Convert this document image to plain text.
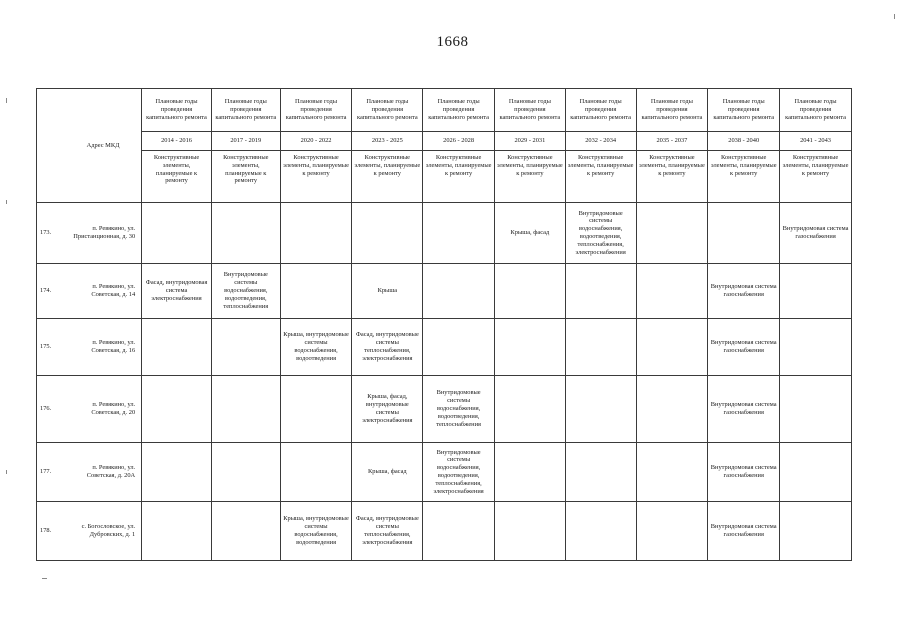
1668
Адрес МКД		Плановые годы проведения капитального ремонта	Плановые годы проведения капитального ремонта	Плановые годы проведения капитального ремонта	Плановые годы проведения капитального ремонта	Плановые годы проведения капитального ремонта	Плановые годы проведения капитального ремонта	Плановые годы проведения капитального ремонта	Плановые годы проведения капитального ремонта	Плановые годы проведения капитального ремонта	Плановые годы проведения капитального ремонта
		2014 - 2016	2017 - 2019	2020 - 2022	2023 - 2025	2026 - 2028	2029 - 2031	2032 - 2034	2035 - 2037	2038 - 2040	2041 - 2043
		Конструктивные элементы, планируемые к ремонту	Конструктивные элементы, планируемые к ремонту	Конструктивные элементы, планируемые к ремонту	Конструктивные элементы, планируемые к ремонту	Конструктивные элементы, планируемые к ремонту	Конструктивные элементы, планируемые к ремонту	Конструктивные элементы, планируемые к ремонту	Конструктивные элементы, планируемые к ремонту	Конструктивные элементы, планируемые к ремонту	Конструктивные элементы, планируемые к ремонту
173.	п. Ревякино, ул. Пристанционная, д. 30						Крыша, фасад	Внутридомовые системы водоснабжения, водоотведения, теплоснабжения, электроснабжения			Внутридомовая система газоснабжения
174.	п. Ревякино, ул. Советская, д. 14	Фасад, внутридомовая система электроснабжения	Внутридомовые системы водоснабжения, водоотведения, теплоснабжения		Крыша					Внутридомовая система газоснабжения	
175.	п. Ревякино, ул. Советская, д. 16			Крыша, внутридомовые системы водоснабжения, водоотведения	Фасад, внутридомовые системы теплоснабжения, электроснабжения					Внутридомовая система газоснабжения	
176.	п. Ревякино, ул. Советская, д. 20				Крыша, фасад, внутридомовые системы электроснабжения	Внутридомовые системы водоснабжения, водоотведения, теплоснабжения				Внутридомовая система газоснабжения	
177.	п. Ревякино, ул. Советская, д. 20А				Крыша, фасад	Внутридомовые системы водоснабжения, водоотведения, теплоснабжения, электроснабжения				Внутридомовая система газоснабжения	
178.	с. Богословское, ул. Дубровских, д. 1			Крыша, внутридомовые системы водоснабжения, водоотведения	Фасад, внутридомовые системы теплоснабжения, электроснабжения					Внутридомовая система газоснабжения	
